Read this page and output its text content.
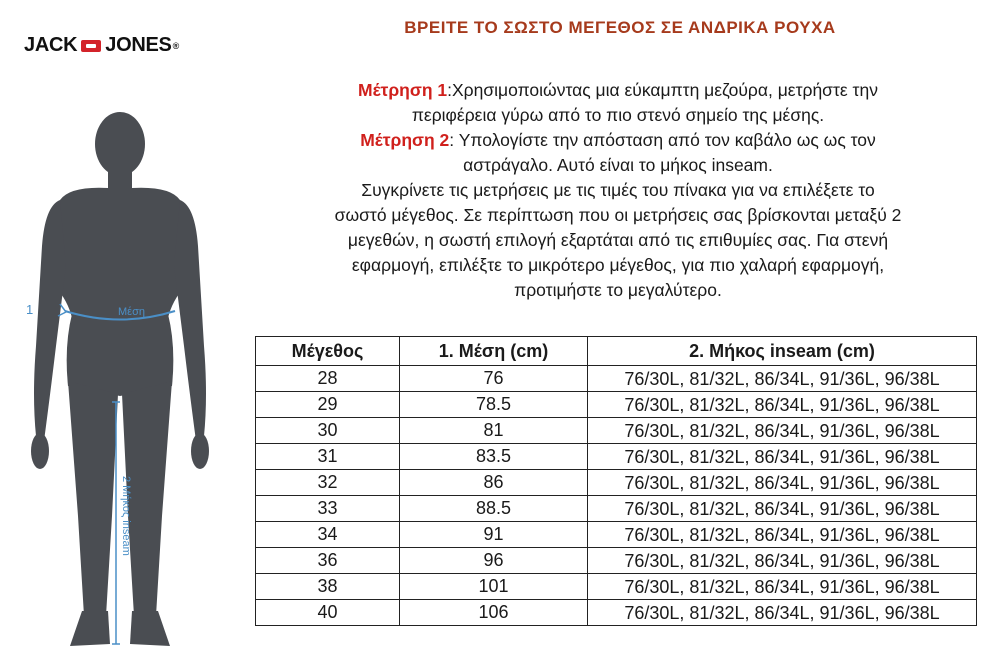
JACK JONES ®
ΒΡΕΙΤΕ ΤΟ ΣΩΣΤΟ ΜΕΓΕΘΟΣ ΣΕ ΑΝΔΡΙΚΑ ΡΟΥΧΑ
Μέτρηση 1:Χρησιμοποιώντας μια εύκαμπτη μεζούρα, μετρήστε την
περιφέρεια γύρω από το πιο στενό σημείο της μέσης.
Μέτρηση 2: Υπολογίστε την απόσταση από τον καβάλο ως ως τον
αστράγαλο. Αυτό είναι το μήκος inseam.
Συγκρίνετε τις μετρήσεις με τις τιμές του πίνακα για να επιλέξετε το
σωστό μέγεθος. Σε περίπτωση που οι μετρήσεις σας βρίσκονται μεταξύ 2
μεγεθών, η σωστή επιλογή εξαρτάται από τις επιθυμίες σας. Για στενή
εφαρμογή, επιλέξτε το μικρότερο μέγεθος, για πιο χαλαρή εφαρμογή,
προτιμήστε το μεγαλύτερο.
1	Μέση
2 Μήκος inseam
Μέγεθος	1. Μέση (cm)	2. Μήκος inseam (cm)
28	76	76/30L, 81/32L, 86/34L, 91/36L, 96/38L
29	78.5	76/30L, 81/32L, 86/34L, 91/36L, 96/38L
30	81	76/30L, 81/32L, 86/34L, 91/36L, 96/38L
31	83.5	76/30L, 81/32L, 86/34L, 91/36L, 96/38L
32	86	76/30L, 81/32L, 86/34L, 91/36L, 96/38L
33	88.5	76/30L, 81/32L, 86/34L, 91/36L, 96/38L
34	91	76/30L, 81/32L, 86/34L, 91/36L, 96/38L
36	96	76/30L, 81/32L, 86/34L, 91/36L, 96/38L
38	101	76/30L, 81/32L, 86/34L, 91/36L, 96/38L
40	106	76/30L, 81/32L, 86/34L, 91/36L, 96/38L
